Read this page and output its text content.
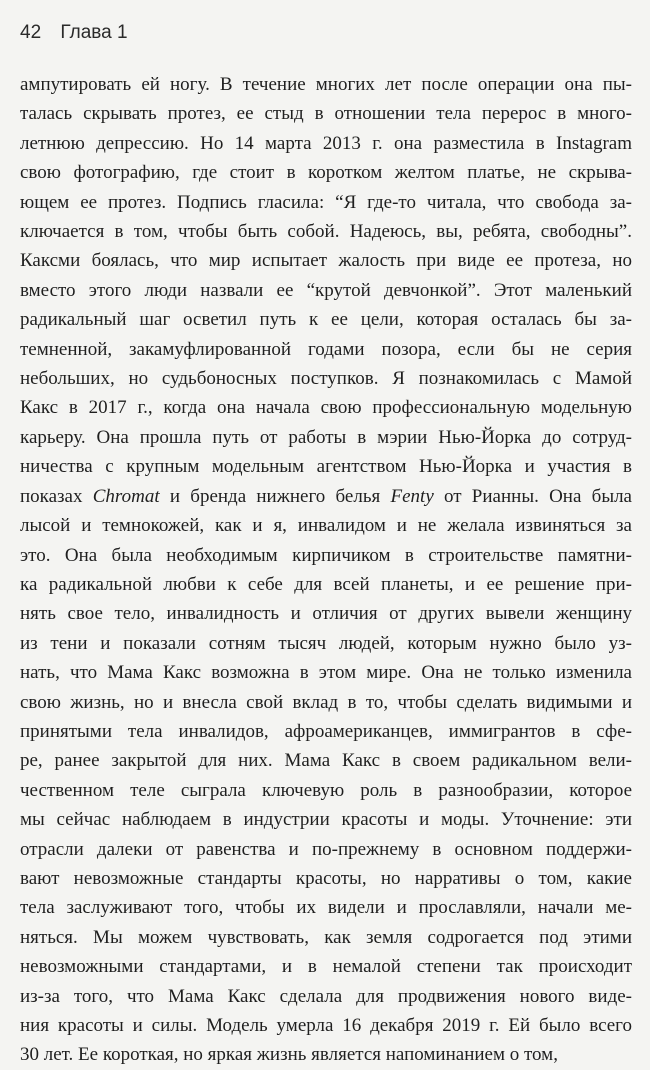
42 Глава 1

ампутировать ей ногу. В течение многих лет после операции она пы-
талась скрывать протез, ее стыд в отношении тела перерос в много-
летнюю депрессию. Но 14 марта 2013 г. она разместила в Instagram
свою фотографию, где стоит в коротком желтом платье, не скрыва-
ющем ее протез. Подпись гласила: “Я где-то читала, что свобода за-
ключается в том, чтобы быть собой. Надеюсь, вы, ребята, свободны”.
Каксми боялась, что мир испытает жалость при виде ее протеза, но
вместо этого люди назвали ее “крутой девчонкой”. Этот маленький
радикальный шаг осветил путь к ее цели, которая осталась бы за-
темненной, закамуфлированной годами позора, если бы не серия
небольших, но судьбоносных поступков. Я познакомилась с Мамой
Какс в 2017 г., когда она начала свою профессиональную модельную
карьеру. Она прошла путь от работы в мэрии Нью-Йорка до сотруд-
ничества с крупным модельным агентством Нью-Йорка и участия в
показах Chromat и бренда нижнего белья Fenty от Рианны. Она была
лысой и темнокожей, как и я, инвалидом и не желала извиняться за
это. Она была необходимым кирпичиком в строительстве памятни-
ка радикальной любви к себе для всей планеты, и ее решение при-
нять свое тело, инвалидность и отличия от других вывели женщину
из тени и показали сотням тысяч людей, которым нужно было уз-
нать, что Мама Какс возможна в этом мире. Она не только изменила
свою жизнь, но и внесла свой вклад в то, чтобы сделать видимыми и
принятыми тела инвалидов, афроамериканцев, иммигрантов в сфе-
ре, ранее закрытой для них. Мама Какс в своем радикальном вели-
чественном теле сыграла ключевую роль в разнообразии, которое
мы сейчас наблюдаем в индустрии красоты и моды. Уточнение: эти
отрасли далеки от равенства и по-прежнему в основном поддержи-
вают невозможные стандарты красоты, но нарративы о том, какие
тела заслуживают того, чтобы их видели и прославляли, начали ме-
няться. Мы можем чувствовать, как земля содрогается под этими
невозможными стандартами, и в немалой степени так происходит
из-за того, что Мама Какс сделала для продвижения нового виде-
ния красоты и силы. Модель умерла 16 декабря 2019 г. Ей было всего
30 лет. Ее короткая, но яркая жизнь является напоминанием о том,
